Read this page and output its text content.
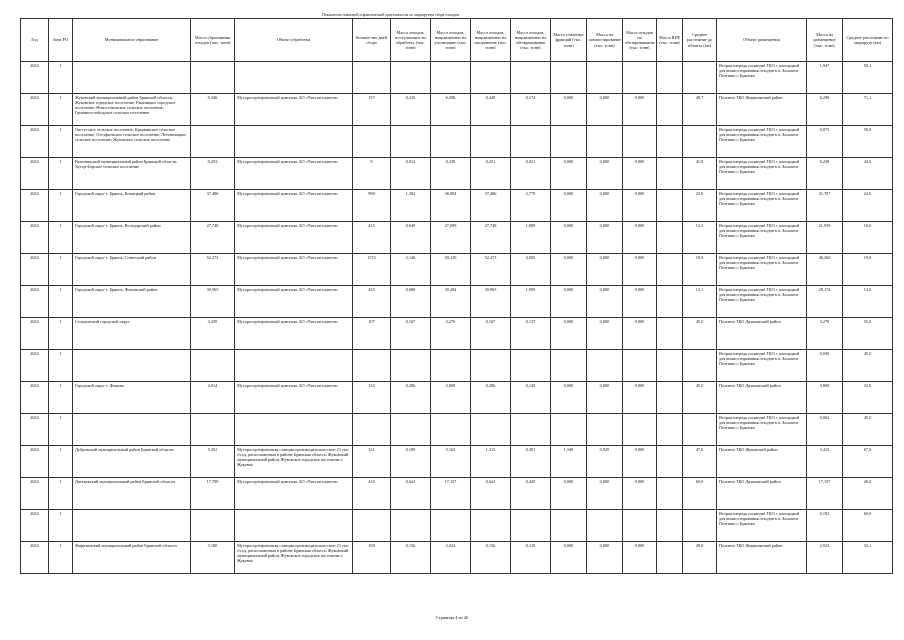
Показатели плановой и фактической деятельности по маршрутам сбора отходов
Год	Зона РО	Муниципальное образование	Масса образования отходов (тыс. тонн)	Объект обработки	Количество дней сбора	Масса отходов, поступающих на обработку (тыс. тонн)	Масса отходов, направляемых на утилизацию (тыс. тонн)	Масса отходов, направляемых на захоронение (тыс. тонн)	Масса отходов, направляемых на обезвреживание (тыс. тонн)	Масса утильных фракций (тыс. тонн)	Масса на компостирование (тыс. тонн)	Масса отходов на обезвреживание (тыс. тонн)	Масса RDF (тыс. тонн)	Среднее расстояние до объекта (км)	Объект размещения	Масса на размещение (тыс. тонн)	Среднее расстояние по маршруту (км)
2024	1														Вторая очередь полигона ТКО с площадкой для компостирования отходов в п. Большое Полпино г. Брянска	1,947	50,1
2024	1	Жуковский муниципальный район Брянской области. Жуковское городское поселение; Ржаницкое городское поселение; Новоселковское сельское поселение; Гришинослободское сельское поселение	6,346	Мусоросортировочный комплекс АО «Чистая планета»	157	0,235	6,298	0,249	0,174	0,000	0,000	0,000		49,7	Полигон ТКО Жирятинский район	6,298	71,1
2024	1	Овстугское сельское поселение; Крыжинское сельское поселение; Олсуфьевское сельское поселение; Летошницкое сельское поселение; Жуковское сельское поселение													Вторая очередь полигона ТКО с площадкой для компостирования отходов в п. Большое Полпино г. Брянска	0,075	50,9
2024	1	Выгоничский муниципальный район Брянской области. Хутор-Борское сельское поселение	0,253	Мусоросортировочный комплекс АО «Чистая планета»	8	0,012	0,238	0,251	0,021	0,000	0,000	0,000		41,8	Вторая очередь полигона ТКО с площадкой для компостирования отходов в п. Большое Полпино г. Брянска	0,238	42,0
2024	1	Городской округ г. Брянск, Бежицкий район	37,486	Мусоросортировочный комплекс АО «Чистая планета»	990	1,392	36,094	37,486	2,779	0,000	0,000	0,000		23,0	Вторая очередь полигона ТКО с площадкой для компостирования отходов в п. Большое Полпино г. Брянска	31,787	24,0
2024	1	Городской округ г. Брянск, Володарский район	27,748	Мусоросортировочный комплекс АО «Чистая планета»	415	0,649	27,099	27,748	1,809	0,000	0,000	0,000		13,3	Вторая очередь полигона ТКО с площадкой для компостирования отходов в п. Большое Полпино г. Брянска	21,939	16,0
2024	1	Городской округ г. Брянск, Советский район	52,273	Мусоросортировочный комплекс АО «Чистая планета»	1572	2,146	50,129	52,273	4,005	0,000	0,000	0,000		18,9	Вторая очередь полигона ТКО с площадкой для компостирования отходов в п. Большое Полпино г. Брянска	46,260	19,0
2024	1	Городской округ г. Брянск, Фокинский район	30,965	Мусоросортировочный комплекс АО «Чистая планета»	435	0,680	30,284	30,965	1,995	0,000	0,000	0,000		12,1	Вторая очередь полигона ТКО с площадкой для компостирования отходов в п. Большое Полпино г. Брянска	28,174	13,0
2024	1	Сельцовский городской округ	3,439	Мусоросортировочный комплекс АО «Чистая планета»	107	0,167	3,276	0,167	0,137	0,000	0,000	0,000		45,0	Полигон ТКО Дятьковский район	3,278	55,0
2024	1														Вторая очередь полигона ТКО с площадкой для компостирования отходов в п. Большое Полпино г. Брянска	0,030	45,0
2024	1	Городской округ г. Фокино	4,014	Мусоросортировочный комплекс АО «Чистая планета»	132	0,206	3,808	0,206	0,145	0,000	0,000	0,000		45,0	Полигон ТКО Дятьковский район	3,808	32,0
2024	1														Вторая очередь полигона ТКО с площадкой для компостирования отходов в п. Большое Полпино г. Брянска	0,062	45,0
2024	1	Дубровский муниципальный район Брянской области	5,352	Мусоросортировочная станция производительностью 21 тыс т/год, расположенная в районе Брянская область, Жуковский муниципальный район, Жуковское городское поселение г. Жуковка	121	0,189	5,163	1,313	0,391	1,349	0,929	0,000		47,0	Полигон ТКО Жуковский район	3,413	67,0
2024	1	Дятьковский муниципальный район Брянской области	17,799	Мусоросортировочный комплекс АО «Чистая планета»	410	0,641	17,157	0,641	0,445	0,000	0,000	0,000		60,0	Полигон ТКО Дятьковский район	17,157	26,0
2024	1														Вторая очередь полигона ТКО с площадкой для компостирования отходов в п. Большое Полпино г. Брянска	0,192	60,0
2024	1	Жирятинский муниципальный район Брянской области	3,180	Мусоросортировочная станция производительностью 21 тыс т/год, расположенная в районе Брянская область, Жуковский муниципальный район, Жуковское городское поселение г. Жуковка	100	0,156	2,024	0,156	0,110	0,000	0,000	0,000		49,0	Полигон ТКО Жирятинский район	2,924	33,1
Страница 4 из 26
